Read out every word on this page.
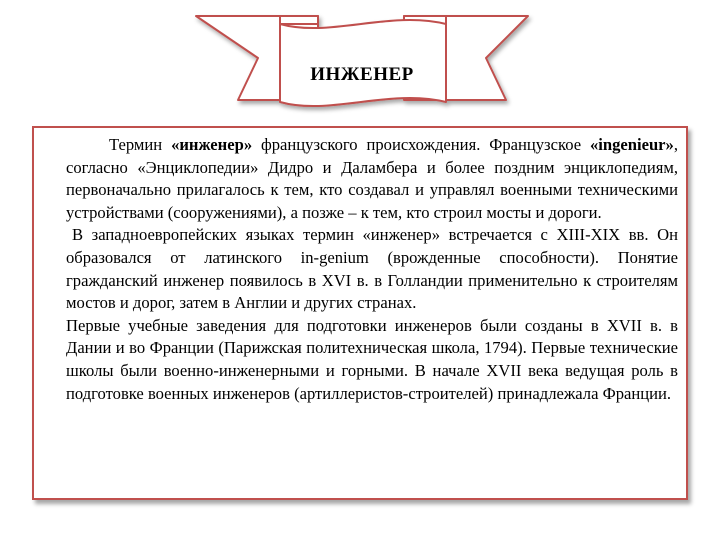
ИНЖЕНЕР

Термин «инженер» французского происхождения. Французское «ingenieur», согласно «Энциклопедии» Дидро и Даламбера и более поздним энциклопедиям, первоначально прилагалось к тем, кто создавал и управлял военными техническими устройствами (сооружениями), а позже – к тем, кто строил мосты и дороги.

В западноевропейских языках термин «инженер» встречается с XIII-XIX вв. Он образовался от латинского in-genium (врожденные способности). Понятие гражданский инженер появилось в XVI в. в Голландии применительно к строителям мостов и дорог, затем в Англии и других странах.

Первые учебные заведения для подготовки инженеров были созданы в XVII в. в Дании и во Франции (Парижская политехническая школа, 1794). Первые технические школы были военно-инженерными и горными. В начале XVII века ведущая роль в подготовке военных инженеров (артиллеристов-строителей) принадлежала Франции.
